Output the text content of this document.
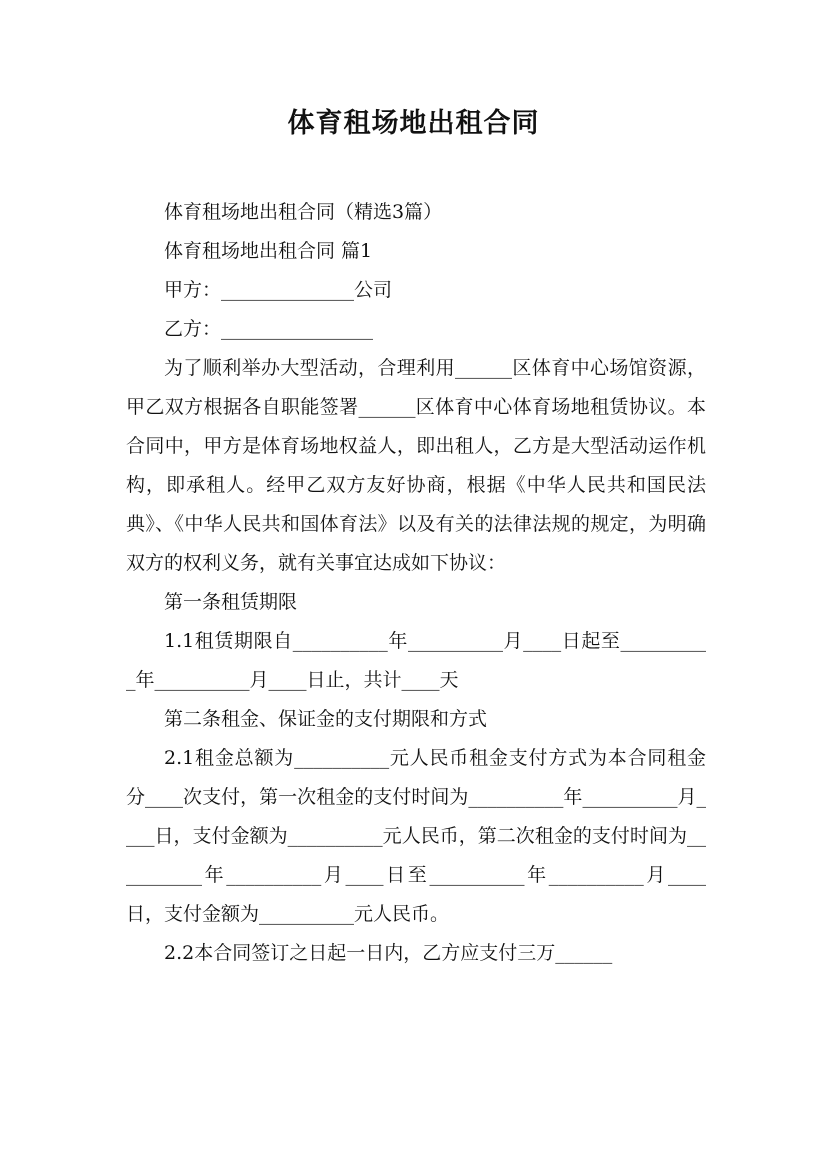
体育租场地出租合同

体育租场地出租合同（精选3篇）

体育租场地出租合同 篇1

甲方：______________公司

乙方：________________

为了顺利举办大型活动，合理利用______区体育中心场馆资源，甲乙双方根据各自职能签署______区体育中心体育场地租赁协议。本合同中，甲方是体育场地权益人，即出租人，乙方是大型活动运作机构，即承租人。经甲乙双方友好协商，根据《中华人民共和国民法典》、《中华人民共和国体育法》以及有关的法律法规的规定，为明确双方的权利义务，就有关事宜达成如下协议：

第一条租赁期限

1.1租赁期限自__________年__________月____日起至__________年__________月____日止，共计____天

第二条租金、保证金的支付期限和方式

2.1租金总额为__________元人民币租金支付方式为本合同租金分____次支付，第一次租金的支付时间为__________年__________月____日，支付金额为__________元人民币，第二次租金的支付时间为__________年__________月____日至__________年__________月____日，支付金额为__________元人民币。

2.2本合同签订之日起一日内，乙方应支付三万______
